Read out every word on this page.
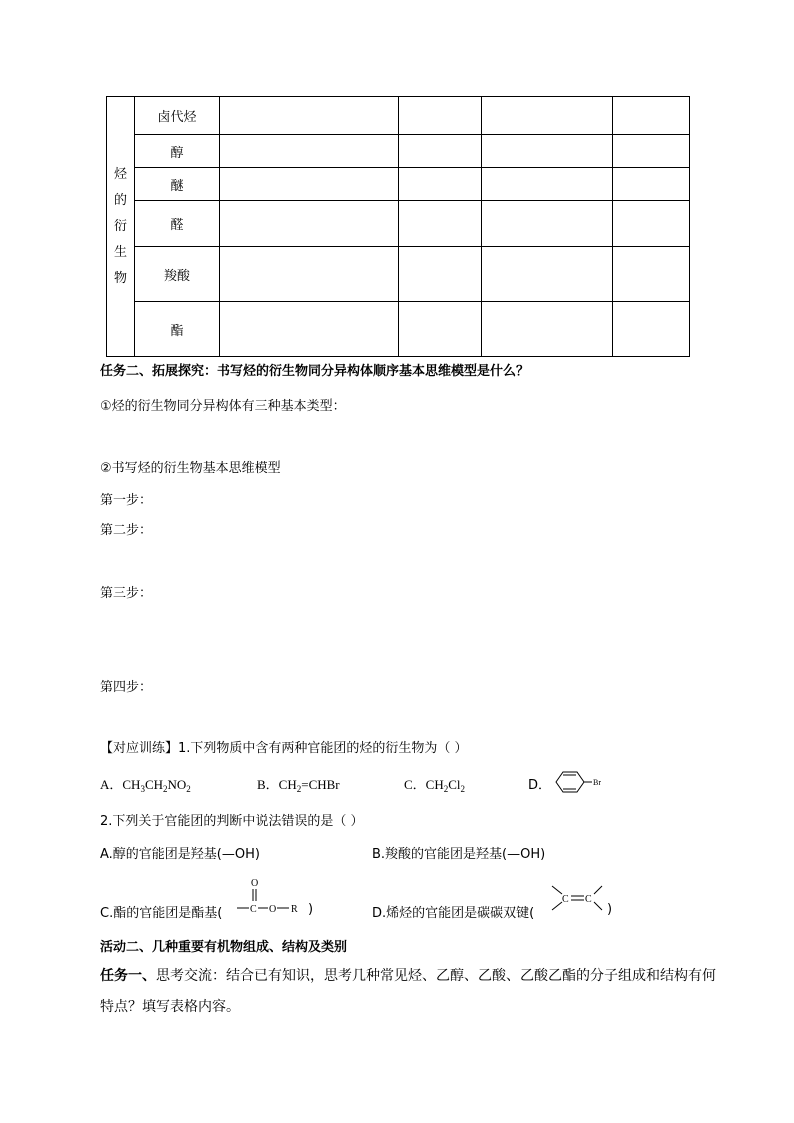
烃
的
衍
生
物	卤代烃				
	醇				
	醚				
	醛				
	羧酸				
	酯				
任务二、拓展探究：书写烃的衍生物同分异构体顺序基本思维模型是什么？
①烃的衍生物同分异构体有三种基本类型：
②书写烃的衍生物基本思维模型
第一步：
第二步：
第三步：
第四步：
【对应训练】1.下列物质中含有两种官能团的烃的衍生物为（ ）
A．$CH_3CH_2NO_2$	B．$CH_2=CHBr$	C．$CH_2Cl_2$	D．	Br
2.下列关于官能团的判断中说法错误的是（ ）
A.醇的官能团是羟基(—OH)	B.羧酸的官能团是羟基(—OH)
C.酯的官能团是酯基(
O
C O R )	D.烯烃的官能团是碳碳双键(
C C
)
活动二、几种重要有机物组成、结构及类别
任务一、思考交流：结合已有知识，思考几种常见烃、乙醇、乙酸、乙酸乙酯的分子组成和结构有何
特点？填写表格内容。
